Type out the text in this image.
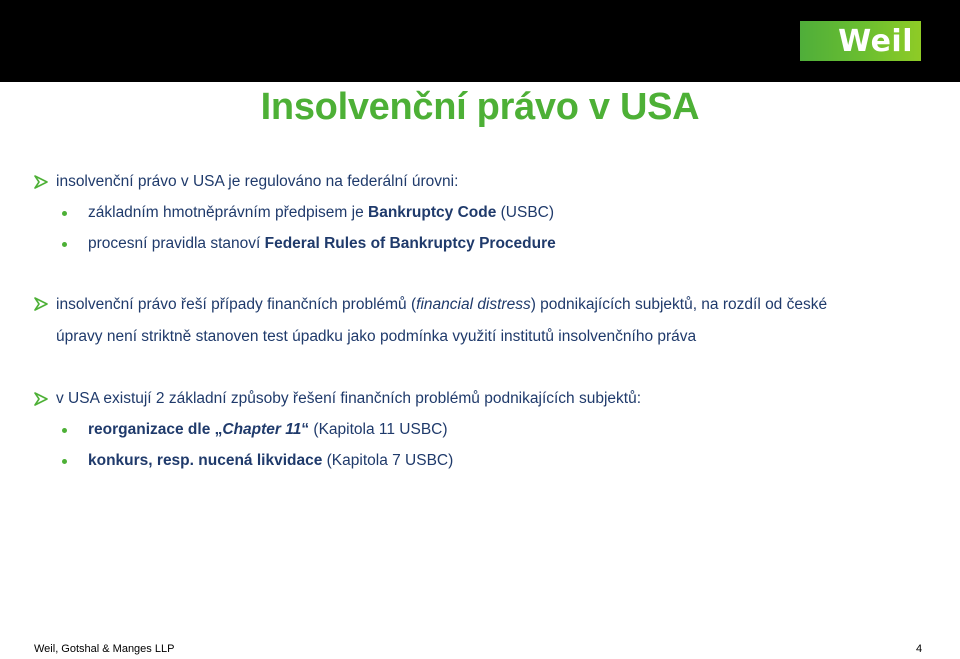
Weil
Insolvenční právo v USA
insolvenční právo v USA je regulováno na federální úrovni:
základním hmotněprávním předpisem je Bankruptcy Code (USBC)
procesní pravidla stanoví Federal Rules of Bankruptcy Procedure
insolvenční právo řeší případy finančních problémů (financial distress) podnikajících subjektů, na rozdíl od české
úpravy není striktně stanoven test úpadku jako podmínka využití institutů insolvenčního práva
v USA existují 2 základní způsoby řešení finančních problémů podnikajících subjektů:
reorganizace dle „Chapter 11“ (Kapitola 11 USBC)
konkurs, resp. nucená likvidace (Kapitola 7 USBC)
Weil, Gotshal & Manges LLP	4
